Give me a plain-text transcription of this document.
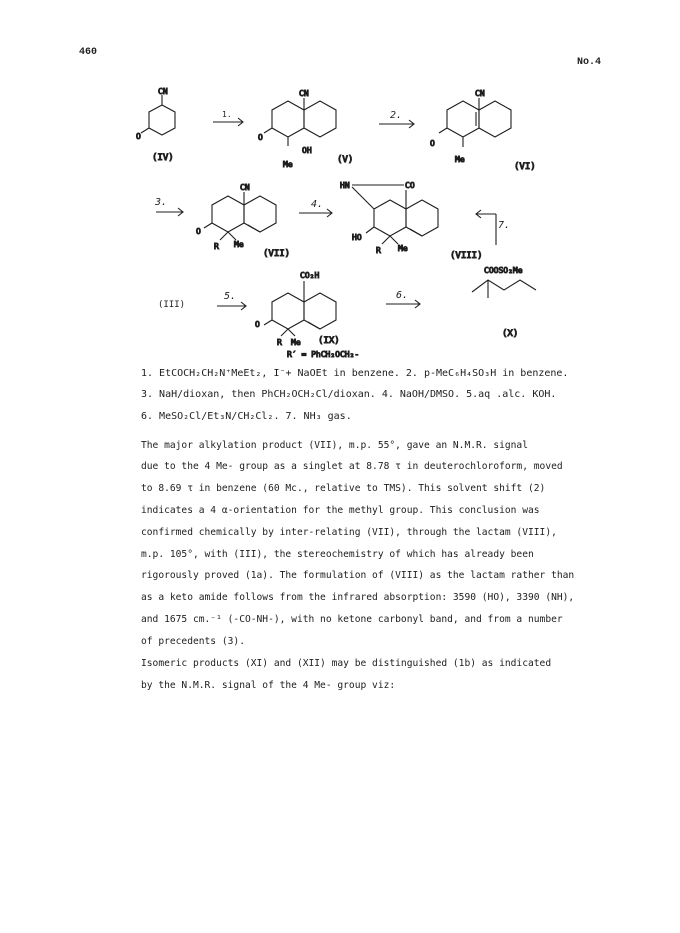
460
No.4
CN
O
(IV)
1.
CN
O
OH
Me	(V)
2.
CN
O
Me
(VI)
3.
CN
O
R Me
(VII)
4.
HN	CO
HO
R Me
(VIII)
7.
(III)
5.
CO₂H
O
R Me (IX)
R′ = PhCH₂OCH₂-
6.
COOSO₂Me
(X)
1. EtCOCH₂CH₂N⁺MeEt₂, I⁻+ NaOEt in benzene. 2. p-MeC₆H₄SO₃H in benzene.
3. NaH/dioxan, then PhCH₂OCH₂Cl/dioxan. 4. NaOH/DMSO. 5.aq .alc. KOH.
6. MeSO₂Cl/Et₃N/CH₂Cl₂. 7. NH₃ gas.
The major alkylation product (VII), m.p. 55°, gave an N.M.R. signal
due to the 4 Me- group as a singlet at 8.78 τ in deuterochloroform, moved
to 8.69 τ in benzene (60 Mc., relative to TMS). This solvent shift (2)
indicates a 4 α-orientation for the methyl group. This conclusion was
confirmed chemically by inter-relating (VII), through the lactam (VIII),
m.p. 105°, with (III), the stereochemistry of which has already been
rigorously proved (1a). The formulation of (VIII) as the lactam rather than
as a keto amide follows from the infrared absorption: 3590 (HO), 3390 (NH),
and 1675 cm.⁻¹ (-CO-NH-), with no ketone carbonyl band, and from a number
of precedents (3).
Isomeric products (XI) and (XII) may be distinguished (1b) as indicated
by the N.M.R. signal of the 4 Me- group viz:
